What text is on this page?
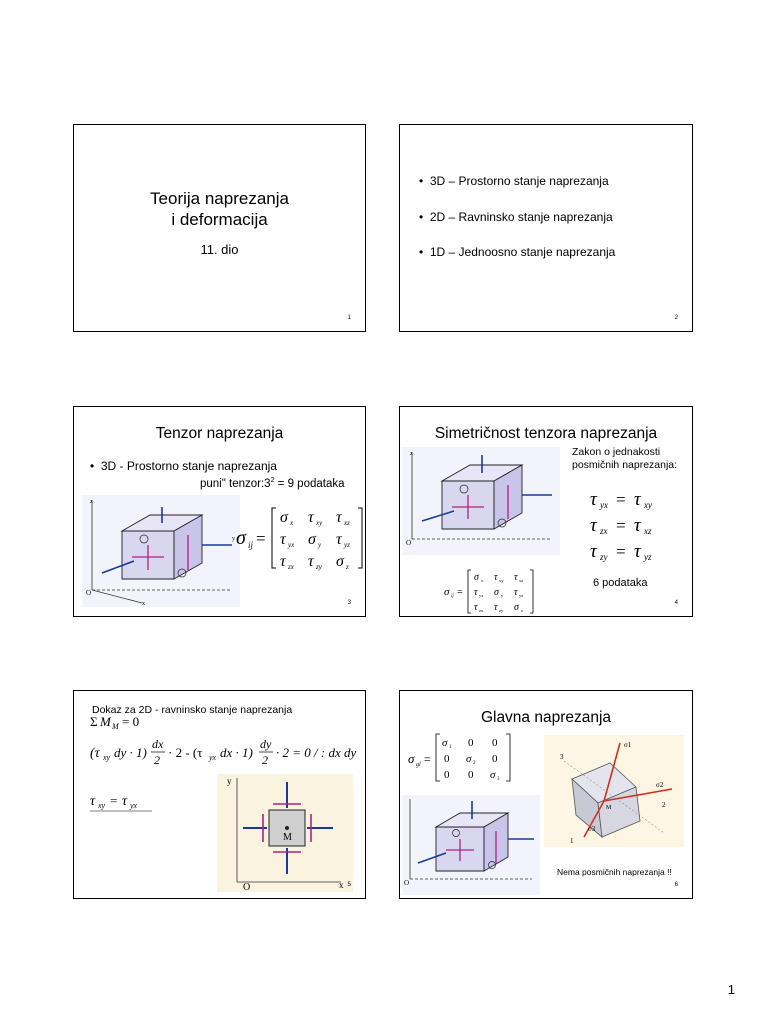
Teorija naprezanja
i deformacija
11. dio
1
•  3D – Prostorno stanje naprezanja
•  2D – Ravninsko stanje naprezanja
•  1D – Jednoosno stanje naprezanja
2
Tenzor naprezanja
•  3D - Prostorno stanje naprezanja
puni" $tenzor:3^2 = 9$ podataka
O
z
x
y σ ij =
σ x τ xy τ xz
τ yx σ y τ yz
τ zx τ zy σ z
3
Simetričnost tenzora naprezanja
Zakon o jednakosti
posmičnih naprezanja:
O
z
σ ij =
σ x τ xy τ xz
τ yx σ y τ yz
τ zx τ zy σ z
τ yx = τ xy
τ zx = τ xz
τ zy = τ yz
6 podataka
4
Dokaz za 2D - ravninsko stanje naprezanja
Σ M M = 0
(τ xy dy · 1)
dx
2 · 2 - (τ yx dx · 1)
dy
2 · 2 = 0 / : dx dy
τ xy = τ yx
M
y
x
O	5
Glavna naprezanja
σ gl =
σ 1 0 0
0 σ 2 0
0 0 σ 3
σ1
σ2
σ3
3
2
1
M
O
Nema posmičnih naprezanja !!
6
1
